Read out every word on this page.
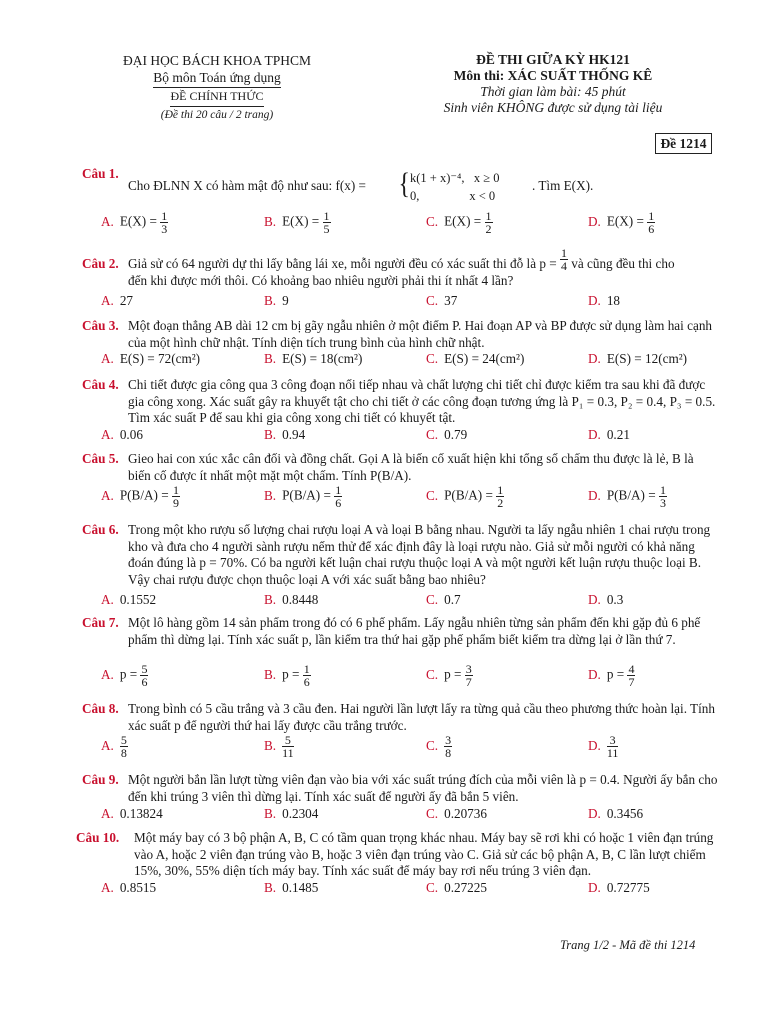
ĐẠI HỌC BÁCH KHOA TPHCM
Bộ môn Toán ứng dụng
ĐỀ CHÍNH THỨC
(Đề thi 20 câu / 2 trang)
ĐỀ THI GIỮA KỲ HK121
Môn thi: XÁC SUẤT THỐNG KÊ
Thời gian làm bài: 45 phút
Sinh viên KHÔNG được sử dụng tài liệu
Đề 1214
Câu 1.
Cho ĐLNN X có hàm mật độ như sau: f(x) = { k(1 + x)⁻⁴,   x ≥ 0
0,                x < 0
. Tìm E(X).
A. $E(X) = \frac{1}{3}$	B. $E(X) = \frac{1}{5}$	C. $E(X) = \frac{1}{2}$	D. $E(X) = \frac{1}{6}$
Câu 2. Giả sử có 64 người dự thi lấy bằng lái xe, mỗi người đều có xác suất thi đỗ là $p = \frac{1}{4}$ và cũng đều thi cho
đến khi được mới thôi. Có khoảng bao nhiêu người phải thi ít nhất 4 lần?
A. 27	B. 9	C. 37	D. 18
Câu 3. Một đoạn thẳng AB dài 12 cm bị gãy ngẫu nhiên ở một điểm P. Hai đoạn AP và BP được sử dụng làm hai cạnh của một hình chữ nhật. Tính diện tích trung bình của hình chữ nhật.
A. E(S) = 72(cm²)	B. E(S) = 18(cm²)	C. E(S) = 24(cm²)	D. E(S) = 12(cm²)
Câu 4. Chi tiết được gia công qua 3 công đoạn nối tiếp nhau và chất lượng chi tiết chỉ được kiểm tra sau khi đã được gia công xong. Xác suất gây ra khuyết tật cho chi tiết ở các công đoạn tương ứng là P₁ = 0.3, P₂ = 0.4, P₃ = 0.5. Tìm xác suất P để sau khi gia công xong chi tiết có khuyết tật.
A. 0.06	B. 0.94	C. 0.79	D. 0.21
Câu 5. Gieo hai con xúc xắc cân đối và đồng chất. Gọi A là biến cố xuất hiện khi tổng số chấm thu được là lẻ, B là biến cố được ít nhất một mặt một chấm. Tính P(B/A).
A. $P(B/A) = \frac{1}{9}$	B. $P(B/A) = \frac{1}{6}$	C. $P(B/A) = \frac{1}{2}$	D. $P(B/A) = \frac{1}{3}$
Câu 6. Trong một kho rượu số lượng chai rượu loại A và loại B bằng nhau. Người ta lấy ngẫu nhiên 1 chai rượu trong kho và đưa cho 4 người sành rượu nếm thử để xác định đây là loại rượu nào. Giả sử mỗi người có khả năng đoán đúng là p = 70%. Có ba người kết luận chai rượu thuộc loại A và một người kết luận rượu thuộc loại B. Vậy chai rượu được chọn thuộc loại A với xác suất bằng bao nhiêu?
A. 0.1552	B. 0.8448	C. 0.7	D. 0.3
Câu 7. Một lô hàng gồm 14 sản phẩm trong đó có 6 phế phẩm. Lấy ngẫu nhiên từng sản phẩm đến khi gặp đủ 6 phế phẩm thì dừng lại. Tính xác suất p, lần kiểm tra thứ hai gặp phế phẩm biết kiểm tra dừng lại ở lần thứ 7.
A. $p = \frac{5}{6}$	B. $p = \frac{1}{6}$	C. $p = \frac{3}{7}$	D. $p = \frac{4}{7}$
Câu 8. Trong bình có 5 cầu trắng và 3 cầu đen. Hai người lần lượt lấy ra từng quả cầu theo phương thức hoàn lại. Tính xác suất p để người thứ hai lấy được cầu trắng trước.
A. $\frac{5}{8}$	B. $\frac{5}{11}$	C. $\frac{3}{8}$	D. $\frac{3}{11}$
Câu 9. Một người bắn lần lượt từng viên đạn vào bia với xác suất trúng đích của mỗi viên là p = 0.4. Người ấy bắn cho đến khi trúng 3 viên thì dừng lại. Tính xác suất để người ấy đã bắn 5 viên.
A. 0.13824	B. 0.2304	C. 0.20736	D. 0.3456
Câu 10. Một máy bay có 3 bộ phận A, B, C có tầm quan trọng khác nhau. Máy bay sẽ rơi khi có hoặc 1 viên đạn trúng vào A, hoặc 2 viên đạn trúng vào B, hoặc 3 viên đạn trúng vào C. Giả sử các bộ phận A, B, C lần lượt chiếm 15%, 30%, 55% diện tích máy bay. Tính xác suất để máy bay rơi nếu trúng 3 viên đạn.
A. 0.8515	B. 0.1485	C. 0.27225	D. 0.72775
Trang 1/2 - Mã đề thi 1214
